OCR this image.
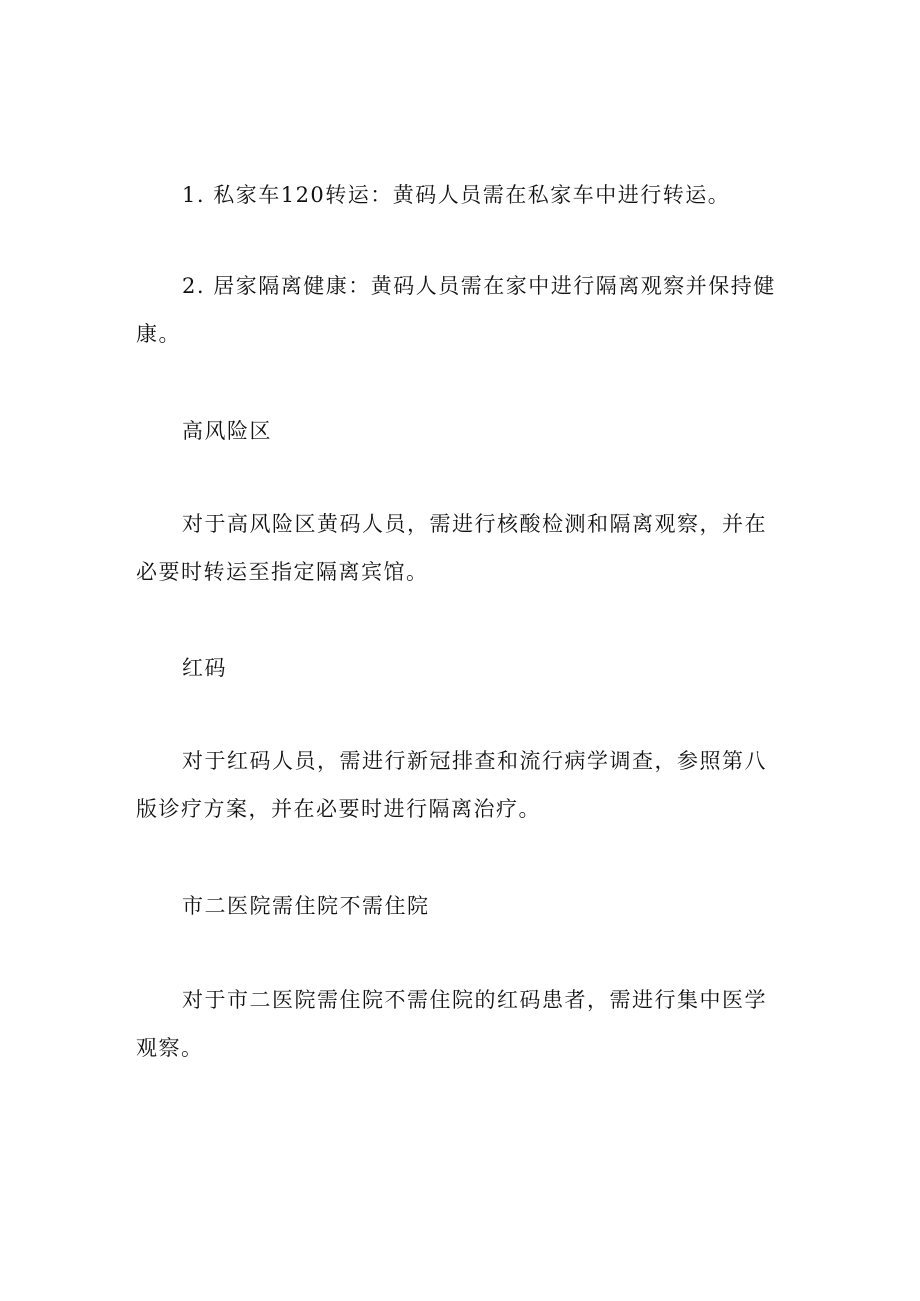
1. 私家车120转运：黄码人员需在私家车中进行转运。

2. 居家隔离健康：黄码人员需在家中进行隔离观察并保持健康。

高风险区

对于高风险区黄码人员，需进行核酸检测和隔离观察，并在必要时转运至指定隔离宾馆。

红码

对于红码人员，需进行新冠排查和流行病学调查，参照第八版诊疗方案，并在必要时进行隔离治疗。

市二医院需住院不需住院

对于市二医院需住院不需住院的红码患者，需进行集中医学观察。
